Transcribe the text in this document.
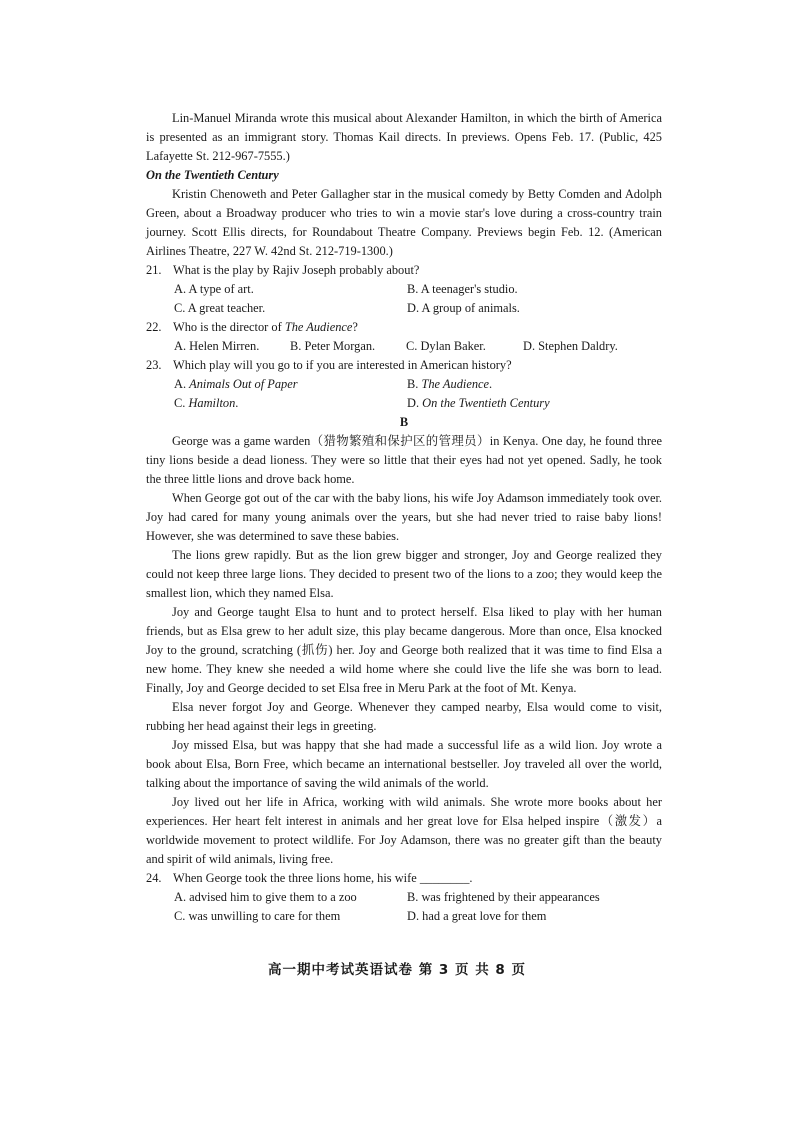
Lin-Manuel Miranda wrote this musical about Alexander Hamilton, in which the birth of America is presented as an immigrant story. Thomas Kail directs. In previews. Opens Feb. 17. (Public, 425 Lafayette St. 212-967-7555.)

On the Twentieth Century

Kristin Chenoweth and Peter Gallagher star in the musical comedy by Betty Comden and Adolph Green, about a Broadway producer who tries to win a movie star's love during a cross-country train journey. Scott Ellis directs, for Roundabout Theatre Company. Previews begin Feb. 12. (American Airlines Theatre, 227 W. 42nd St. 212-719-1300.)

21. What is the play by Rajiv Joseph probably about?
A. A type of art.	B. A teenager's studio.
C. A great teacher.	D. A group of animals.
22. Who is the director of The Audience?
A. Helen Mirren.	B. Peter Morgan.	C. Dylan Baker.	D. Stephen Daldry.
23. Which play will you go to if you are interested in American history?
A. Animals Out of Paper	B. The Audience.
C. Hamilton.	D. On the Twentieth Century

B

George was a game warden（猎物繁殖和保护区的管理员）in Kenya. One day, he found three tiny lions beside a dead lioness. They were so little that their eyes had not yet opened. Sadly, he took the three little lions and drove back home.

When George got out of the car with the baby lions, his wife Joy Adamson immediately took over. Joy had cared for many young animals over the years, but she had never tried to raise baby lions! However, she was determined to save these babies.

The lions grew rapidly. But as the lion grew bigger and stronger, Joy and George realized they could not keep three large lions. They decided to present two of the lions to a zoo; they would keep the smallest lion, which they named Elsa.

Joy and George taught Elsa to hunt and to protect herself. Elsa liked to play with her human friends, but as Elsa grew to her adult size, this play became dangerous. More than once, Elsa knocked Joy to the ground, scratching (抓伤) her. Joy and George both realized that it was time to find Elsa a new home. They knew she needed a wild home where she could live the life she was born to lead. Finally, Joy and George decided to set Elsa free in Meru Park at the foot of Mt. Kenya.

Elsa never forgot Joy and George. Whenever they camped nearby, Elsa would come to visit, rubbing her head against their legs in greeting.

Joy missed Elsa, but was happy that she had made a successful life as a wild lion. Joy wrote a book about Elsa, Born Free, which became an international bestseller. Joy traveled all over the world, talking about the importance of saving the wild animals of the world.

Joy lived out her life in Africa, working with wild animals. She wrote more books about her experiences. Her heart felt interest in animals and her great love for Elsa helped inspire（激发）a worldwide movement to protect wildlife. For Joy Adamson, there was no greater gift than the beauty and spirit of wild animals, living free.

24. When George took the three lions home, his wife ________.
A. advised him to give them to a zoo	B. was frightened by their appearances
C. was unwilling to care for them	D. had a great love for them
高一期中考试英语试卷 第 3 页 共 8 页
